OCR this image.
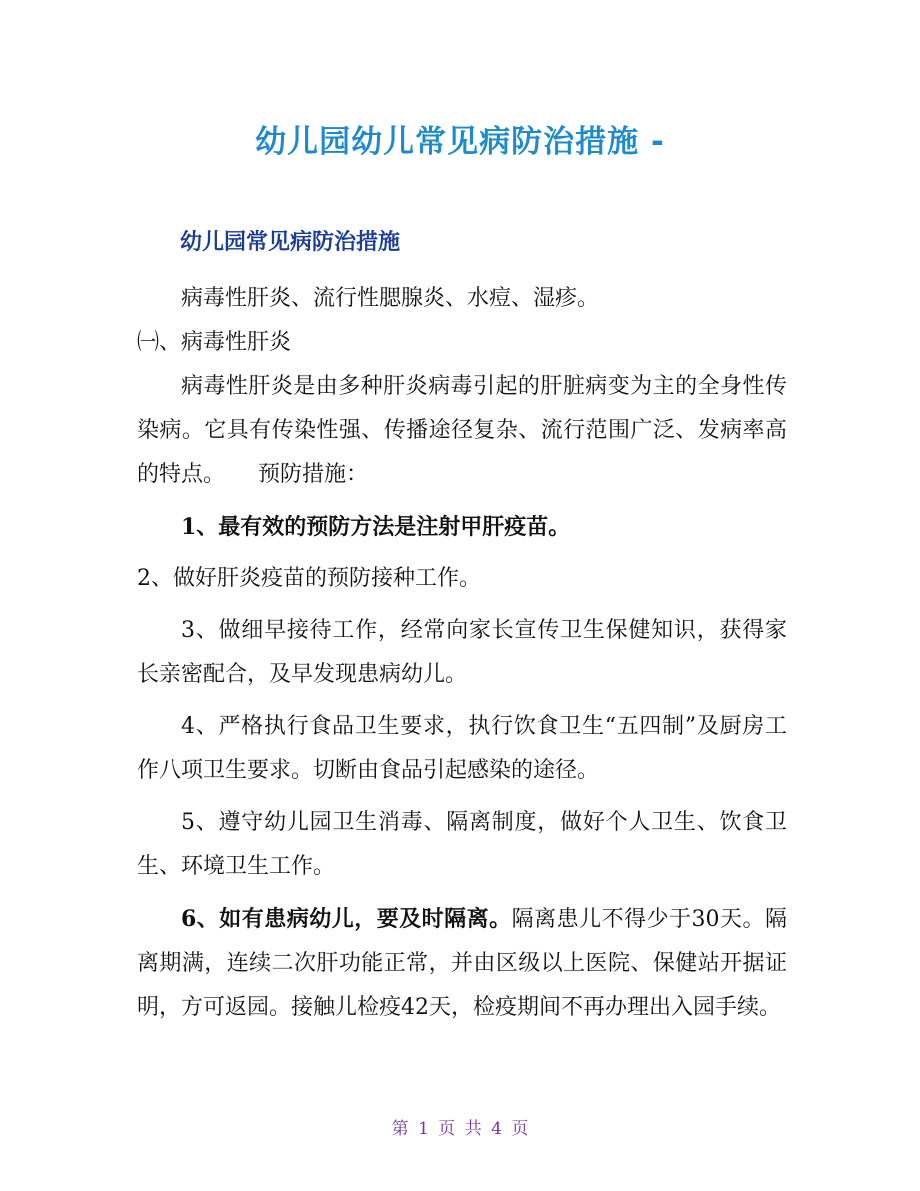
幼儿园幼儿常见病防治措施 -
幼儿园常见病防治措施

病毒性肝炎、流行性腮腺炎、水痘、湿疹。

㈠、病毒性肝炎

病毒性肝炎是由多种肝炎病毒引起的肝脏病变为主的全身性传染病。它具有传染性强、传播途径复杂、流行范围广泛、发病率高的特点。　　预防措施：

1、最有效的预防方法是注射甲肝疫苗。

2、做好肝炎疫苗的预防接种工作。

3、做细早接待工作，经常向家长宣传卫生保健知识，获得家长亲密配合，及早发现患病幼儿。

4、严格执行食品卫生要求，执行饮食卫生“五四制”及厨房工作八项卫生要求。切断由食品引起感染的途径。

5、遵守幼儿园卫生消毒、隔离制度，做好个人卫生、饮食卫生、环境卫生工作。

6、如有患病幼儿，要及时隔离。隔离患儿不得少于30天。隔离期满，连续二次肝功能正常，并由区级以上医院、保健站开据证明，方可返园。接触儿检疫42天，检疫期间不再办理出入园手续。

第 1 页 共 4 页
